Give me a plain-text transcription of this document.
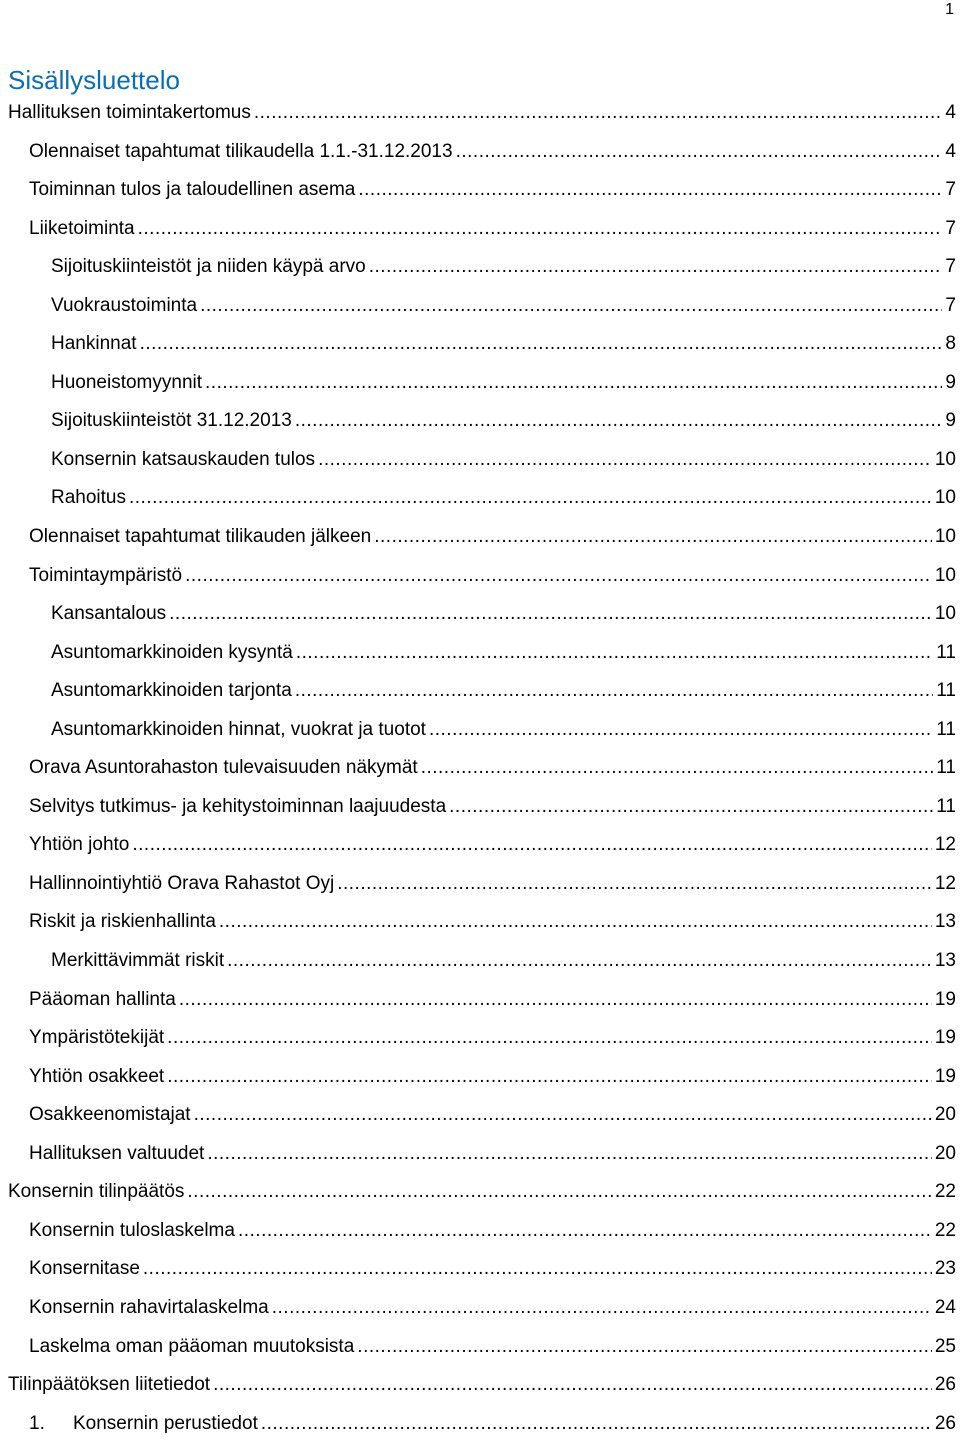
1
Sisällysluettelo
Hallituksen toimintakertomus .....	4
Olennaiset tapahtumat tilikaudella 1.1.-31.12.2013 .....	4
Toiminnan tulos ja taloudellinen asema .....	7
Liiketoiminta .....	7
Sijoituskiinteistöt ja niiden käypä arvo .....	7
Vuokraustoiminta .....	7
Hankinnat .....	8
Huoneistomyynnit .....	9
Sijoituskiinteistöt 31.12.2013 .....	9
Konsernin katsauskauden tulos .....	10
Rahoitus .....	10
Olennaiset tapahtumat tilikauden jälkeen .....	10
Toimintaympäristö .....	10
Kansantalous .....	10
Asuntomarkkinoiden kysyntä .....	11
Asuntomarkkinoiden tarjonta .....	11
Asuntomarkkinoiden hinnat, vuokrat ja tuotot .....	11
Orava Asuntorahaston tulevaisuuden näkymät .....	11
Selvitys tutkimus- ja kehitystoiminnan laajuudesta .....	11
Yhtiön johto .....	12
Hallinnointiyhtiö Orava Rahastot Oyj .....	12
Riskit ja riskienhallinta .....	13
Merkittävimmät riskit .....	13
Pääoman hallinta .....	19
Ympäristötekijät .....	19
Yhtiön osakkeet .....	19
Osakkeenomistajat .....	20
Hallituksen valtuudet .....	20
Konsernin tilinpäätös .....	22
Konsernin tuloslaskelma .....	22
Konsernitase .....	23
Konsernin rahavirtalaskelma .....	24
Laskelma oman pääoman muutoksista .....	25
Tilinpäätöksen liitetiedot .....	26
1. Konsernin perustiedot .....	26
